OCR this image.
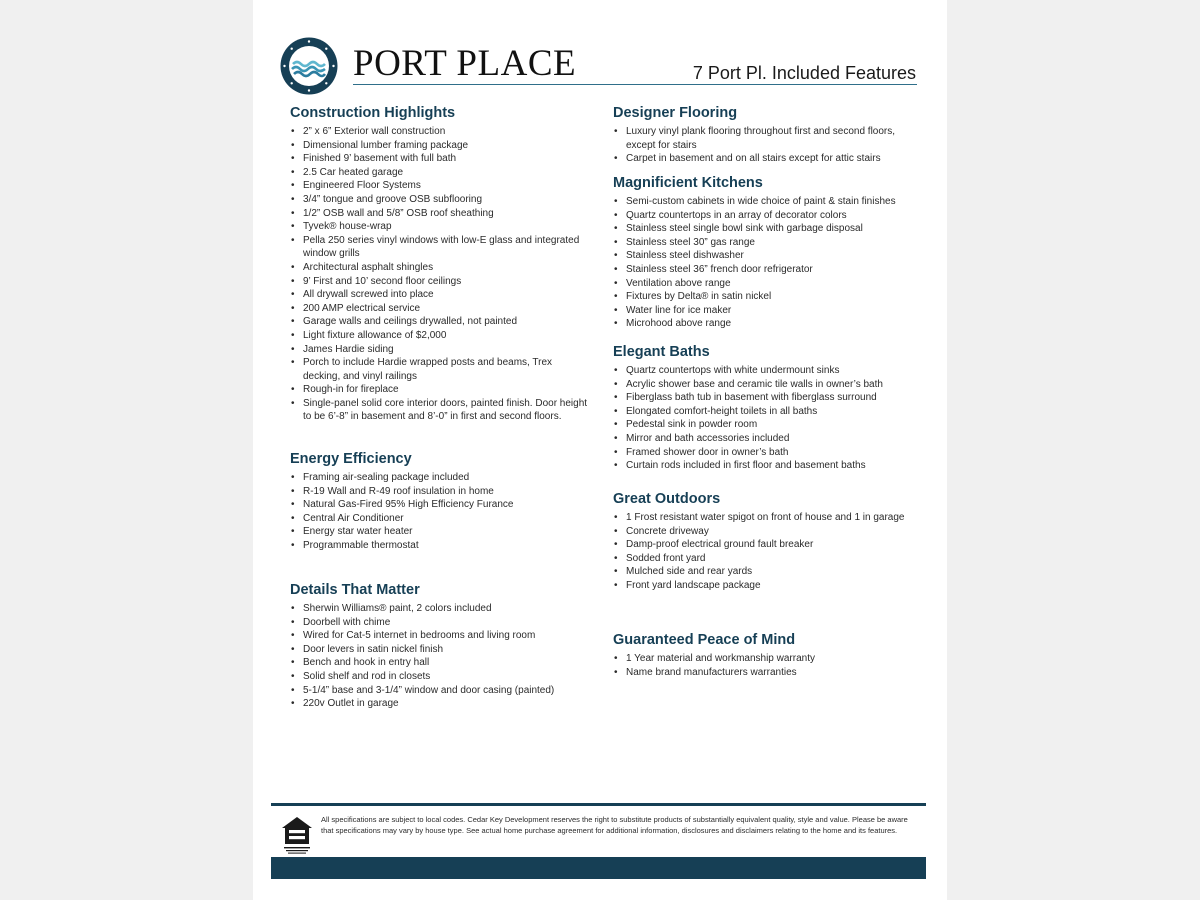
PORT PLACE	7 Port Pl. Included Features
Construction Highlights
• 2” x 6” Exterior wall construction
• Dimensional lumber framing package
• Finished 9’ basement with full bath
• 2.5 Car heated garage
• Engineered Floor Systems
• 3/4” tongue and groove OSB subflooring
• 1/2” OSB wall and 5/8” OSB roof sheathing
• Tyvek® house-wrap
• Pella 250 series vinyl windows with low-E glass and integrated window grills
• Architectural asphalt shingles
• 9’ First and 10’ second floor ceilings
• All drywall screwed into place
• 200 AMP electrical service
• Garage walls and ceilings drywalled, not painted
• Light fixture allowance of $2,000
• James Hardie siding
• Porch to include Hardie wrapped posts and beams, Trex decking, and vinyl railings
• Rough-in for fireplace
• Single-panel solid core interior doors, painted finish. Door height to be 6’-8” in basement and 8’-0” in first and second floors.
Energy Efficiency
• Framing air-sealing package included
• R-19 Wall and R-49 roof insulation in home
• Natural Gas-Fired 95% High Efficiency Furance
• Central Air Conditioner
• Energy star water heater
• Programmable thermostat
Details That Matter
• Sherwin Williams® paint, 2 colors included
• Doorbell with chime
• Wired for Cat-5 internet in bedrooms and living room
• Door levers in satin nickel finish
• Bench and hook in entry hall
• Solid shelf and rod in closets
• 5-1/4” base and 3-1/4” window and door casing (painted)
• 220v Outlet in garage
Designer Flooring
• Luxury vinyl plank flooring throughout first and second floors, except for stairs
• Carpet in basement and on all stairs except for attic stairs
Magnificient Kitchens
• Semi-custom cabinets in wide choice of paint & stain finishes
• Quartz countertops in an array of decorator colors
• Stainless steel single bowl sink with garbage disposal
• Stainless steel 30” gas range
• Stainless steel dishwasher
• Stainless steel 36” french door refrigerator
• Ventilation above range
• Fixtures by Delta® in satin nickel
• Water line for ice maker
• Microhood above range
Elegant Baths
• Quartz countertops with white undermount sinks
• Acrylic shower base and ceramic tile walls in owner’s bath
• Fiberglass bath tub in basement with fiberglass surround
• Elongated comfort-height toilets in all baths
• Pedestal sink in powder room
• Mirror and bath accessories included
• Framed shower door in owner’s bath
• Curtain rods included in first floor and basement baths
Great Outdoors
• 1 Frost resistant water spigot on front of house and 1 in garage
• Concrete driveway
• Damp-proof electrical ground fault breaker
• Sodded front yard
• Mulched side and rear yards
• Front yard landscape package
Guaranteed Peace of Mind
• 1 Year material and workmanship warranty
• Name brand manufacturers warranties
All specifications are subject to local codes. Cedar Key Development reserves the right to substitute products of substantially equivalent quality, style and value. Please be aware that specifications may vary by house type. See actual home purchase agreement for additional information, disclosures and disclaimers relating to the home and its features.
